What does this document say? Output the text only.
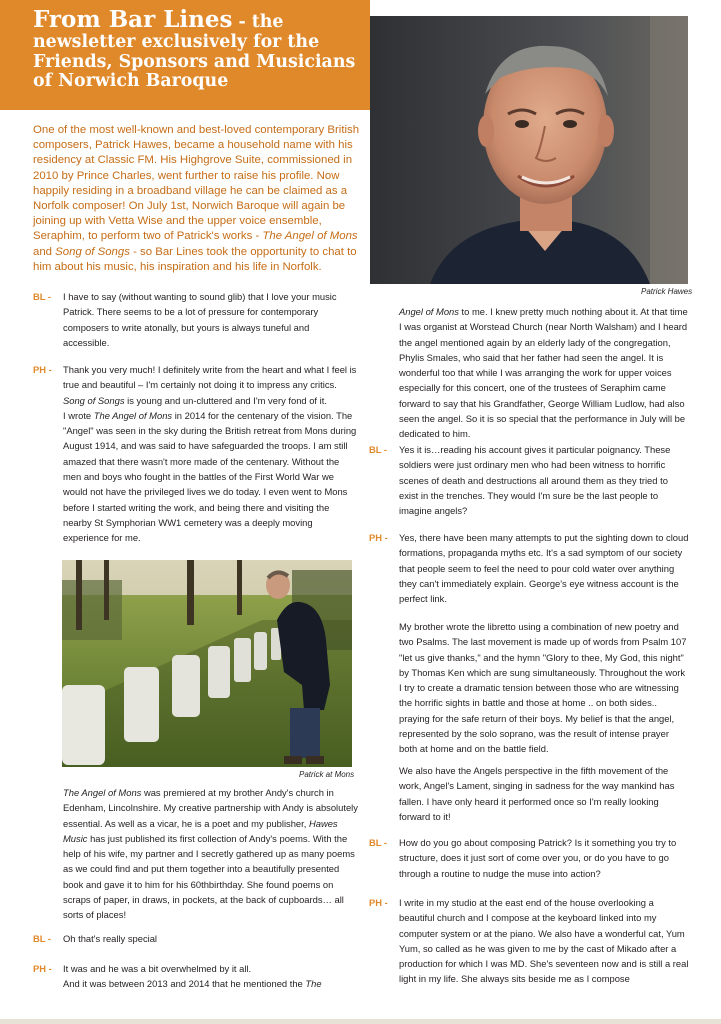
From Bar Lines - the newsletter exclusively for the Friends, Sponsors and Musicians of Norwich Baroque
Patrick Hawes

One of the most well-known and best-loved contemporary British composers, Patrick Hawes, became a household name with his residency at Classic FM. His Highgrove Suite, commissioned in 2010 by Prince Charles, went further to raise his profile. Now happily residing in a broadband village he can be claimed as a Norfolk composer! On July 1st, Norwich Baroque will again be joining up with Vetta Wise and the upper voice ensemble, Seraphim, to perform two of Patrick's works - The Angel of Mons and Song of Songs - so Bar Lines took the opportunity to chat to him about his music, his inspiration and his life in Norfolk.

BL - I have to say (without wanting to sound glib) that I love your music Patrick. There seems to be a lot of pressure for contemporary composers to write atonally, but yours is always tuneful and accessible.

PH - Thank you very much! I definitely write from the heart and what I feel is true and beautiful – I'm certainly not doing it to impress any critics. Song of Songs is young and un-cluttered and I'm very fond of it.

I wrote The Angel of Mons in 2014 for the centenary of the vision. The "Angel" was seen in the sky during the British retreat from Mons during August 1914, and was said to have safeguarded the troops. I am still amazed that there wasn't more made of the centenary. Without the men and boys who fought in the battles of the First World War we would not have the privileged lives we do today. I even went to Mons before I started writing the work, and being there and visiting the nearby St Symphorian WW1 cemetery was a deeply moving experience for me.

Patrick at Mons

The Angel of Mons was premiered at my brother Andy's church in Edenham, Lincolnshire. My creative partnership with Andy is absolutely essential. As well as a vicar, he is a poet and my publisher, Hawes Music has just published its first collection of Andy's poems. With the help of his wife, my partner and I secretly gathered up as many poems as we could find and put them together into a beautifully presented book and gave it to him for his 60thbirthday. She found poems on scraps of paper, in draws, in pockets, at the back of cupboards… all sorts of places!

BL - Oh that's really special

PH - It was and he was a bit overwhelmed by it all.

And it was between 2013 and 2014 that he mentioned the The

Angel of Mons to me. I knew pretty much nothing about it. At that time I was organist at Worstead Church (near North Walsham) and I heard the angel mentioned again by an elderly lady of the congregation, Phylis Smales, who said that her father had seen the angel. It is wonderful too that while I was arranging the work for upper voices especially for this concert, one of the trustees of Seraphim came forward to say that his Grandfather, George William Ludlow, had also seen the angel. So it is so special that the performance in July will be dedicated to him.

BL - Yes it is…reading his account gives it particular poignancy. These soldiers were just ordinary men who had been witness to horrific scenes of death and destructions all around them as they tried to exist in the trenches. They would I'm sure be the last people to imagine angels?

PH - Yes, there have been many attempts to put the sighting down to cloud formations, propaganda myths etc. It's a sad symptom of our society that people seem to feel the need to pour cold water over anything they can't immediately explain. George's eye witness account is the perfect link.

My brother wrote the libretto using a combination of new poetry and two Psalms. The last movement is made up of words from Psalm 107 "let us give thanks," and the hymn "Glory to thee, My God, this night" by Thomas Ken which are sung simultaneously. Throughout the work I try to create a dramatic tension between those who are witnessing the horrific sights in battle and those at home .. on both sides.. praying for the safe return of their boys. My belief is that the angel, represented by the solo soprano, was the result of intense prayer both at home and on the battle field.

We also have the Angels perspective in the fifth movement of the work, Angel's Lament, singing in sadness for the way mankind has fallen. I have only heard it performed once so I'm really looking forward to it!

BL - How do you go about composing Patrick? Is it something you try to structure, does it just sort of come over you, or do you have to go through a routine to nudge the muse into action?

PH - I write in my studio at the east end of the house overlooking a beautiful church and I compose at the keyboard linked into my computer system or at the piano. We also have a wonderful cat, Yum Yum, so called as he was given to me by the cast of Mikado after a production for which I was MD. She's seventeen now and is still a real light in my life. She always sits beside me as I compose
